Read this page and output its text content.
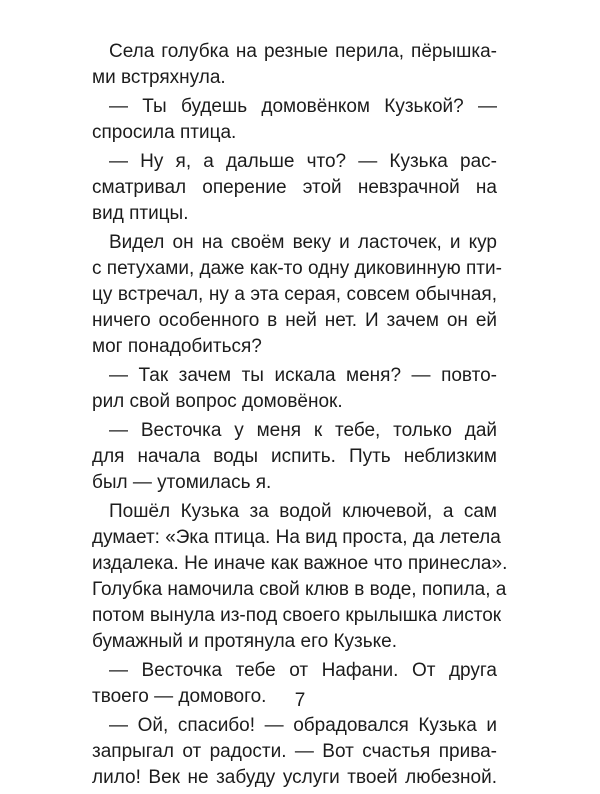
Села голубка на резные перила, пёрышка-
ми встряхнула.
— Ты будешь домовёнком Кузькой? —
спросила птица.
— Ну я, а дальше что? — Кузька рас-
сматривал оперение этой невзрачной на
вид птицы.
Видел он на своём веку и ласточек, и кур
с петухами, даже как-то одну диковинную пти-
цу встречал, ну а эта серая, совсем обычная,
ничего особенного в ней нет. И зачем он ей
мог понадобиться?
— Так зачем ты искала меня? — повто-
рил свой вопрос домовёнок.
— Весточка у меня к тебе, только дай
для начала воды испить. Путь неблизким
был — утомилась я.
Пошёл Кузька за водой ключевой, а сам
думает: «Эка птица. На вид проста, да летела
издалека. Не иначе как важное что принесла».
Голубка намочила свой клюв в воде, попила, а
потом вынула из-под своего крылышка листок
бумажный и протянула его Кузьке.
— Весточка тебе от Нафани. От друга
твоего — домового.
— Ой, спасибо! — обрадовался Кузька и
запрыгал от радости. — Вот счастья прива-
лило! Век не забуду услуги твоей любезной.
7
